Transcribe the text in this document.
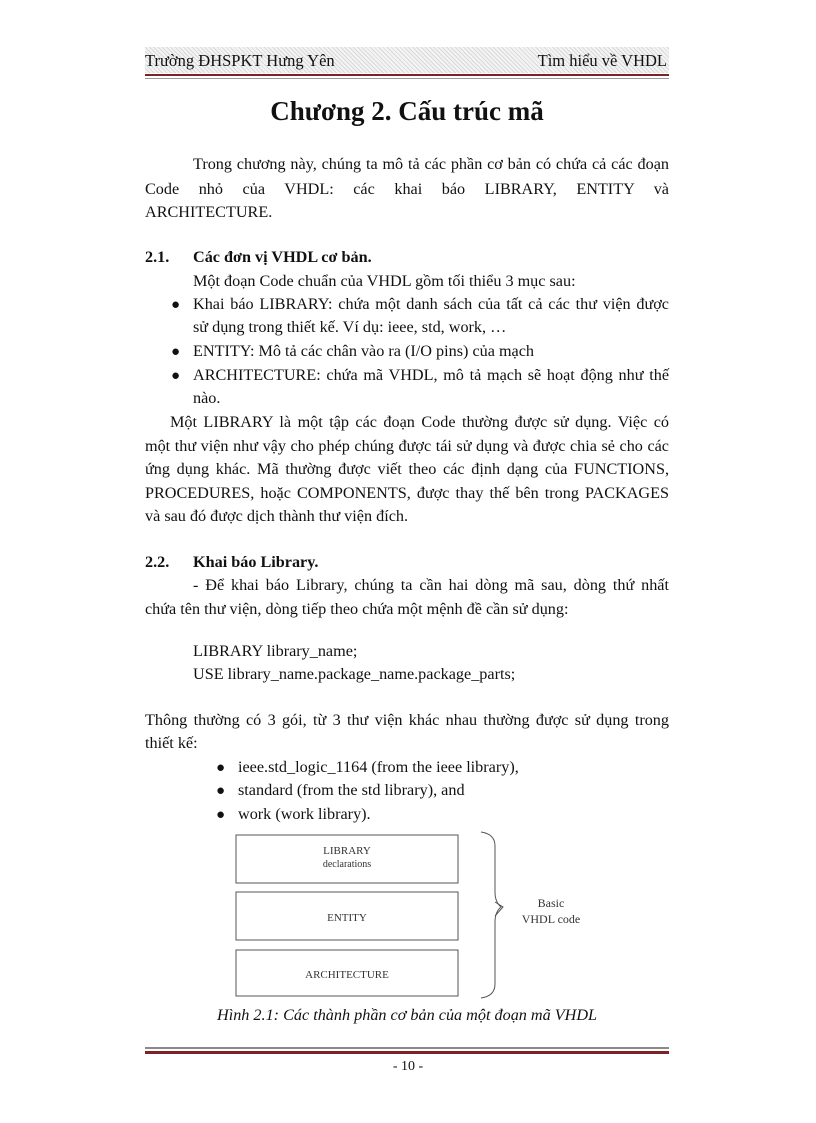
Trường ĐHSPKT Hưng Yên	Tìm hiểu về VHDL
Chương 2. Cấu trúc mã
Trong chương này, chúng ta mô tả các phần cơ bản có chứa cả các đoạn
Code   nhỏ   của   VHDL:   các   khai   báo   LIBRARY,   ENTITY   và
ARCHITECTURE.
2.1. Các đơn vị VHDL cơ bản.
Một đoạn Code chuẩn của VHDL gồm tối thiểu 3 mục sau:
● Khai báo LIBRARY: chứa một danh sách của tất cả các thư viện được
sử dụng trong thiết kế. Ví dụ: ieee, std, work, …
● ENTITY: Mô tả các chân vào ra (I/O pins) của mạch
● ARCHITECTURE: chứa mã VHDL, mô tả mạch sẽ hoạt động như thế
nào.
Một LIBRARY là một tập các đoạn Code thường được sử dụng. Việc có
một thư viện như vậy cho phép chúng được tái sử dụng và được chia sẻ cho các
ứng dụng khác. Mã thường được viết theo các định dạng của FUNCTIONS,
PROCEDURES, hoặc COMPONENTS, được thay thế bên trong PACKAGES
và sau đó được dịch thành thư viện đích.
2.2. Khai báo Library.
- Để khai báo Library, chúng ta cần hai dòng mã sau, dòng thứ nhất
chứa tên thư viện, dòng tiếp theo chứa một mệnh đề cần sử dụng:
LIBRARY library_name;
USE library_name.package_name.package_parts;
Thông thường có 3 gói, từ 3 thư viện khác nhau thường được sử dụng trong
thiết kế:
● ieee.std_logic_1164 (from the ieee library),
● standard (from the std library), and
● work (work library).
LIBRARY
declarations
ENTITY
ARCHITECTURE
Basic
VHDL code
Hình 2.1: Các thành phần cơ bản của một đoạn mã VHDL
- 10 -
